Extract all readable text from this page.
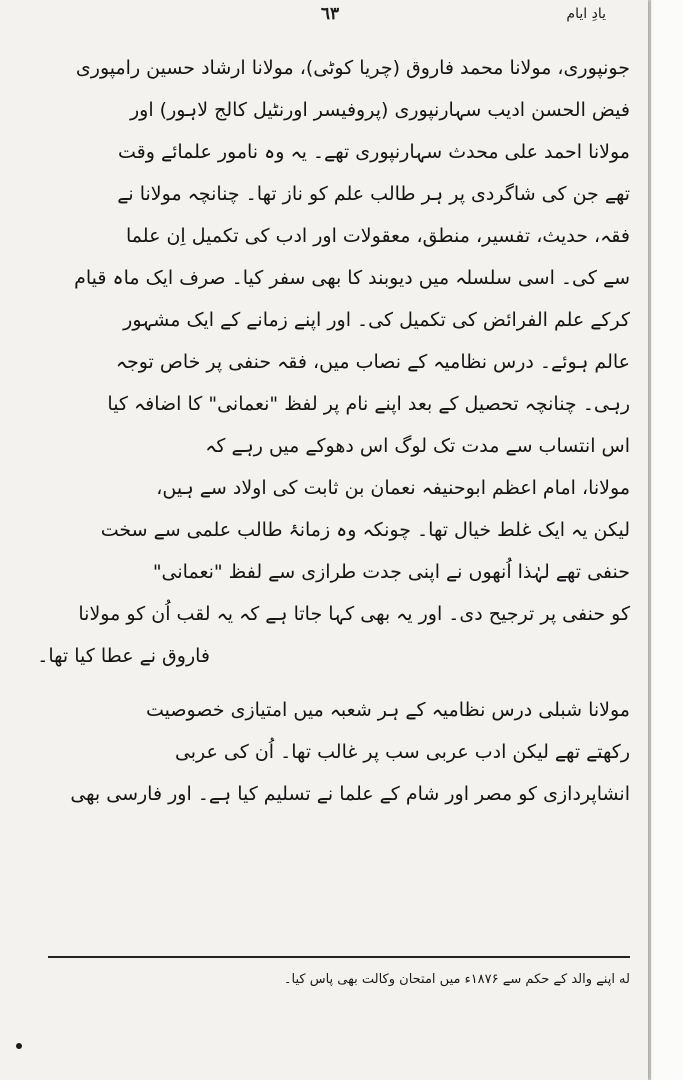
٦٣	یادِ ایام
جونپوری، مولانا محمد فاروق (چریا کوٹی)، مولانا ارشاد حسین رامپوری
فیض الحسن ادیب سہارنپوری (پروفیسر اورنٹیل کالج لاہور) اور
مولانا احمد علی محدث سہارنپوری تھے۔ یہ وہ نامور علمائے وقت
تھے جن کی شاگردی پر ہر طالب علم کو ناز تھا۔ چنانچہ مولانا نے
فقہ، حدیث، تفسیر، منطق، معقولات اور ادب کی تکمیل اِن علما
سے کی۔ اسی سلسلہ میں دیوبند کا بھی سفر کیا۔ صرف ایک ماہ قیام
کرکے علم الفرائض کی تکمیل کی۔ اور اپنے زمانے کے ایک مشہور
عالم ہوئے۔ درس نظامیہ کے نصاب میں، فقہ حنفی پر خاص توجہ
رہی۔ چنانچہ تحصیل کے بعد اپنے نام پر لفظ "نعمانی" کا اضافہ کیا
اس انتساب سے مدت تک لوگ اس دھوکے میں رہے کہ
مولانا، امام اعظم ابوحنیفہ نعمان بن ثابت کی اولاد سے ہیں،
لیکن یہ ایک غلط خیال تھا۔ چونکہ وہ زمانۂ طالب علمی سے سخت
حنفی تھے لہٰذا اُنھوں نے اپنی جدت طرازی سے لفظ "نعمانی"
کو حنفی پر ترجیح دی۔ اور یہ بھی کہا جاتا ہے کہ یہ لقب اُن کو مولانا
فاروق نے عطا کیا تھا۔
مولانا شبلی درس نظامیہ کے ہر شعبہ میں امتیازی خصوصیت
رکھتے تھے لیکن ادب عربی سب پر غالب تھا۔ اُن کی عربی
انشاپردازی کو مصر اور شام کے علما نے تسلیم کیا ہے۔ اور فارسی بھی
له اپنے والد کے حکم سے ۱۸۷۶ء میں امتحان وکالت بھی پاس کیا۔
